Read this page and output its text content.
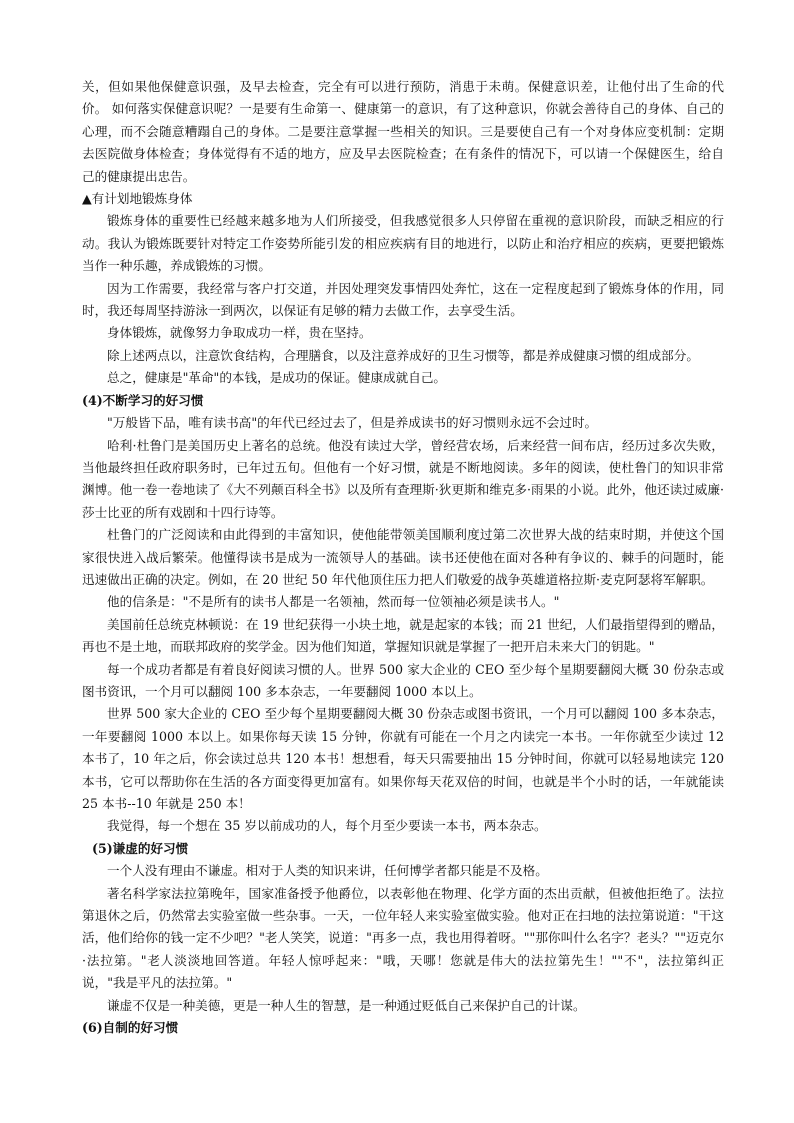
关，但如果他保健意识强，及早去检查，完全有可以进行预防，消患于未萌。保健意识差，让他付出了生命的代价。 如何落实保健意识呢？一是要有生命第一、健康第一的意识，有了这种意识，你就会善待自己的身体、自己的心理，而不会随意糟蹋自己的身体。二是要注意掌握一些相关的知识。三是要使自己有一个对身体应变机制：定期去医院做身体检查；身体觉得有不适的地方，应及早去医院检查；在有条件的情况下，可以请一个保健医生，给自己的健康提出忠告。

▲有计划地锻炼身体

锻炼身体的重要性已经越来越多地为人们所接受，但我感觉很多人只停留在重视的意识阶段，而缺乏相应的行动。我认为锻炼既要针对特定工作姿势所能引发的相应疾病有目的地进行，以防止和治疗相应的疾病，更要把锻炼当作一种乐趣，养成锻炼的习惯。

因为工作需要，我经常与客户打交道，并因处理突发事情四处奔忙，这在一定程度起到了锻炼身体的作用，同时，我还每周坚持游泳一到两次，以保证有足够的精力去做工作，去享受生活。

身体锻炼，就像努力争取成功一样，贵在坚持。

除上述两点以，注意饮食结构，合理膳食，以及注意养成好的卫生习惯等，都是养成健康习惯的组成部分。

总之，健康是"革命"的本钱，是成功的保证。健康成就自己。

(4)不断学习的好习惯

"万般皆下品，唯有读书高"的年代已经过去了，但是养成读书的好习惯则永远不会过时。

哈利·杜鲁门是美国历史上著名的总统。他没有读过大学，曾经营农场，后来经营一间布店，经历过多次失败，当他最终担任政府职务时，已年过五旬。但他有一个好习惯，就是不断地阅读。多年的阅读，使杜鲁门的知识非常渊博。他一卷一卷地读了《大不列颠百科全书》以及所有查理斯·狄更斯和维克多·雨果的小说。此外，他还读过威廉·莎士比亚的所有戏剧和十四行诗等。

杜鲁门的广泛阅读和由此得到的丰富知识，使他能带领美国顺利度过第二次世界大战的结束时期，并使这个国家很快进入战后繁荣。他懂得读书是成为一流领导人的基础。读书还使他在面对各种有争议的、棘手的问题时，能迅速做出正确的决定。例如，在 20 世纪 50 年代他顶住压力把人们敬爱的战争英雄道格拉斯·麦克阿瑟将军解职。

他的信条是："不是所有的读书人都是一名领袖，然而每一位领袖必须是读书人。"

美国前任总统克林顿说：在 19 世纪获得一小块土地，就是起家的本钱；而 21 世纪，人们最指望得到的赠品，再也不是土地，而联邦政府的奖学金。因为他们知道，掌握知识就是掌握了一把开启未来大门的钥匙。"

每一个成功者都是有着良好阅读习惯的人。世界 500 家大企业的 CEO 至少每个星期要翻阅大概 30 份杂志或图书资讯，一个月可以翻阅 100 多本杂志，一年要翻阅 1000 本以上。

世界 500 家大企业的 CEO 至少每个星期要翻阅大概 30 份杂志或图书资讯，一个月可以翻阅 100 多本杂志，一年要翻阅 1000 本以上。如果你每天读 15 分钟，你就有可能在一个月之内读完一本书。一年你就至少读过 12 本书了，10 年之后，你会读过总共 120 本书！想想看，每天只需要抽出 15 分钟时间，你就可以轻易地读完 120 本书，它可以帮助你在生活的各方面变得更加富有。如果你每天花双倍的时间，也就是半个小时的话，一年就能读 25 本书--10 年就是 250 本！

我觉得，每一个想在 35 岁以前成功的人，每个月至少要读一本书，两本杂志。

(5)谦虚的好习惯

一个人没有理由不谦虚。相对于人类的知识来讲，任何博学者都只能是不及格。

著名科学家法拉第晚年，国家准备授予他爵位，以表彰他在物理、化学方面的杰出贡献，但被他拒绝了。法拉第退休之后，仍然常去实验室做一些杂事。一天，一位年轻人来实验室做实验。他对正在扫地的法拉第说道："干这活，他们给你的钱一定不少吧？"老人笑笑，说道："再多一点，我也用得着呀。""那你叫什么名字？老头？""迈克尔·法拉第。"老人淡淡地回答道。年轻人惊呼起来："哦，天哪！您就是伟大的法拉第先生！""不"，法拉第纠正说，"我是平凡的法拉第。"

谦虚不仅是一种美德，更是一种人生的智慧，是一种通过贬低自己来保护自己的计谋。

(6)自制的好习惯
